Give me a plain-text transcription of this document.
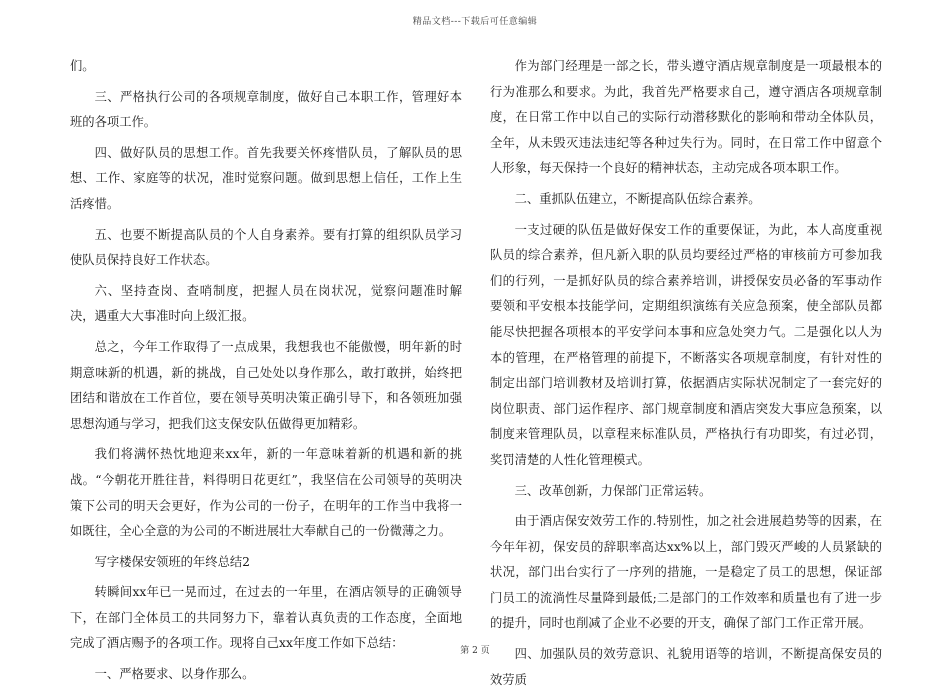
精品文档---下载后可任意编辑

们。

三、严格执行公司的各项规章制度，做好自己本职工作，管理好本班的各项工作。

四、做好队员的思想工作。首先我要关怀疼惜队员，了解队员的思想、工作、家庭等的状况，准时觉察问题。做到思想上信任，工作上生活疼惜。

五、也要不断提高队员的个人自身素养。要有打算的组织队员学习使队员保持良好工作状态。

六、坚持查岗、查哨制度，把握人员在岗状况，觉察问题准时解决，遇重大大事准时向上级汇报。

总之，今年工作取得了一点成果，我想我也不能傲慢，明年新的时期意味新的机遇，新的挑战，自己处处以身作那么，敢打敢拼，始终把团结和谐放在工作首位，要在领导英明决策正确引导下，和各领班加强思想沟通与学习，把我们这支保安队伍做得更加精彩。

我们将满怀热忱地迎来xx年，新的一年意味着新的机遇和新的挑战。“今朝花开胜往昔，料得明日花更红”，我坚信在公司领导的英明决策下公司的明天会更好，作为公司的一份子，在明年的工作当中我将一如既往，全心全意的为公司的不断进展壮大奉献自己的一份微薄之力。

写字楼保安领班的年终总结2

转瞬间xx年已一晃而过，在过去的一年里，在酒店领导的正确领导下，在部门全体员工的共同努力下，靠着认真负责的工作态度，全面地完成了酒店赐予的各项工作。现将自己xx年度工作如下总结：

一、严格要求、以身作那么。

作为部门经理是一部之长，带头遵守酒店规章制度是一项最根本的行为准那么和要求。为此，我首先严格要求自己，遵守酒店各项规章制度，在日常工作中以自己的实际行动潜移默化的影响和带动全体队员，全年，从未毁灭违法违纪等各种过失行为。同时，在日常工作中留意个人形象，每天保持一个良好的精神状态，主动完成各项本职工作。

二、重抓队伍建立，不断提高队伍综合素养。

一支过硬的队伍是做好保安工作的重要保证，为此，本人高度重视队员的综合素养，但凡新入职的队员均要经过严格的审核前方可参加我们的行列，一是抓好队员的综合素养培训，讲授保安员必备的军事动作要领和平安根本技能学问，定期组织演练有关应急预案，使全部队员都能尽快把握各项根本的平安学问本事和应急处突力气。二是强化以人为本的管理，在严格管理的前提下，不断落实各项规章制度，有针对性的制定出部门培训教材及培训打算，依据酒店实际状况制定了一套完好的岗位职责、部门运作程序、部门规章制度和酒店突发大事应急预案，以制度来管理队员，以章程来标准队员，严格执行有功即奖，有过必罚，奖罚清楚的人性化管理模式。

三、改革创新，力保部门正常运转。

由于酒店保安效劳工作的.特别性，加之社会进展趋势等的因素，在今年年初，保安员的辞职率高达xx%以上，部门毁灭严峻的人员紧缺的状况，部门出台实行了一序列的措施，一是稳定了员工的思想，保证部门员工的流淌性尽量降到最低;二是部门的工作效率和质量也有了进一步的提升，同时也削减了企业不必要的开支，确保了部门工作正常开展。

四、加强队员的效劳意识、礼貌用语等的培训，不断提高保安员的效劳质

第 2 页
